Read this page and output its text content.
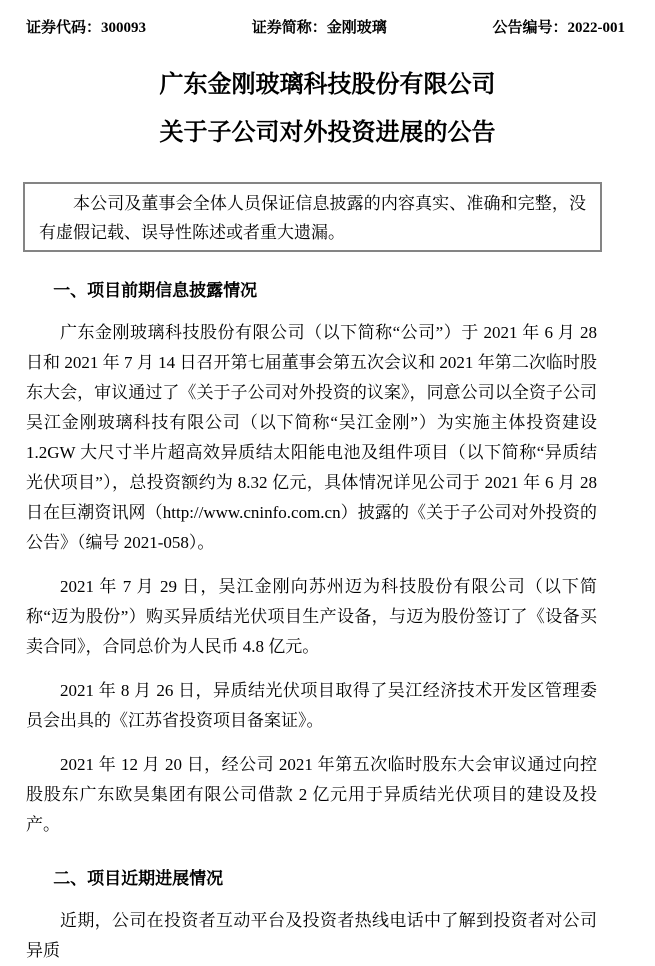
证券代码：300093	证券简称：金刚玻璃	公告编号：2022-001
广东金刚玻璃科技股份有限公司
关于子公司对外投资进展的公告
本公司及董事会全体人员保证信息披露的内容真实、准确和完整，没有虚假记载、误导性陈述或者重大遗漏。
一、项目前期信息披露情况

广东金刚玻璃科技股份有限公司（以下简称“公司”）于 2021 年 6 月 28 日和 2021 年 7 月 14 日召开第七届董事会第五次会议和 2021 年第二次临时股东大会，审议通过了《关于子公司对外投资的议案》，同意公司以全资子公司吴江金刚玻璃科技有限公司（以下简称“吴江金刚”）为实施主体投资建设 1.2GW 大尺寸半片超高效异质结太阳能电池及组件项目（以下简称“异质结光伏项目”），总投资额约为 8.32 亿元，具体情况详见公司于 2021 年 6 月 28 日在巨潮资讯网（http://www.cninfo.com.cn）披露的《关于子公司对外投资的公告》（编号 2021-058）。

2021 年 7 月 29 日，吴江金刚向苏州迈为科技股份有限公司（以下简称“迈为股份”）购买异质结光伏项目生产设备，与迈为股份签订了《设备买卖合同》，合同总价为人民币 4.8 亿元。

2021 年 8 月 26 日，异质结光伏项目取得了吴江经济技术开发区管理委员会出具的《江苏省投资项目备案证》。

2021 年 12 月 20 日，经公司 2021 年第五次临时股东大会审议通过向控股股东广东欧昊集团有限公司借款 2 亿元用于异质结光伏项目的建设及投产。

二、项目近期进展情况

近期，公司在投资者互动平台及投资者热线电话中了解到投资者对公司异质
